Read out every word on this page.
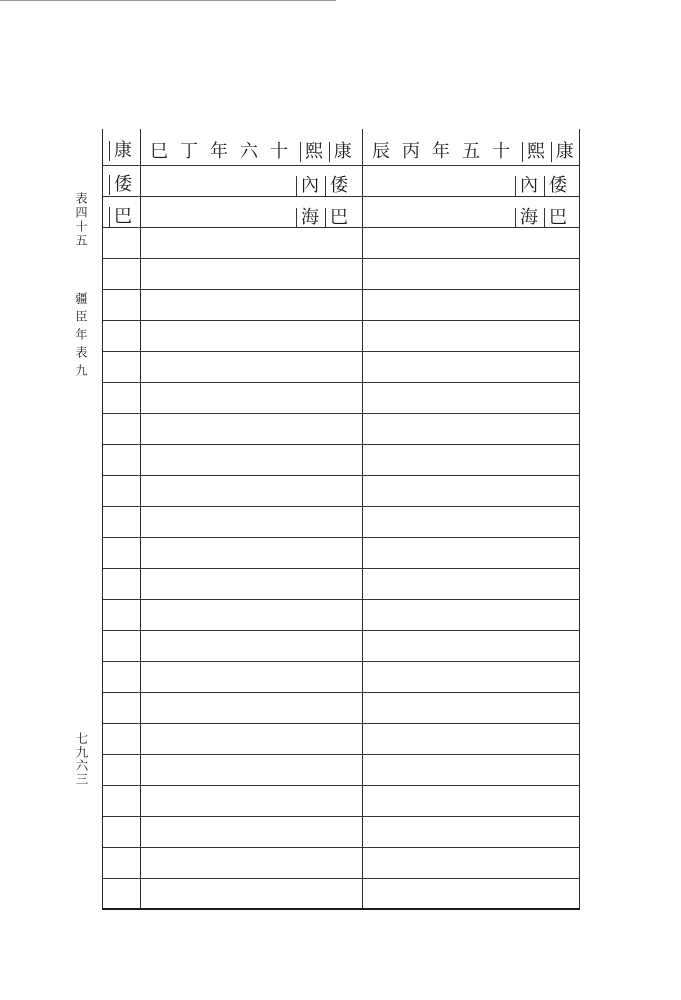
表四十五
疆臣年表九
七九六三
康
倭
巴
十六年丁巳 熙 康
內 倭
海 巴
十五年丙辰 熙 康
內 倭
海 巴
